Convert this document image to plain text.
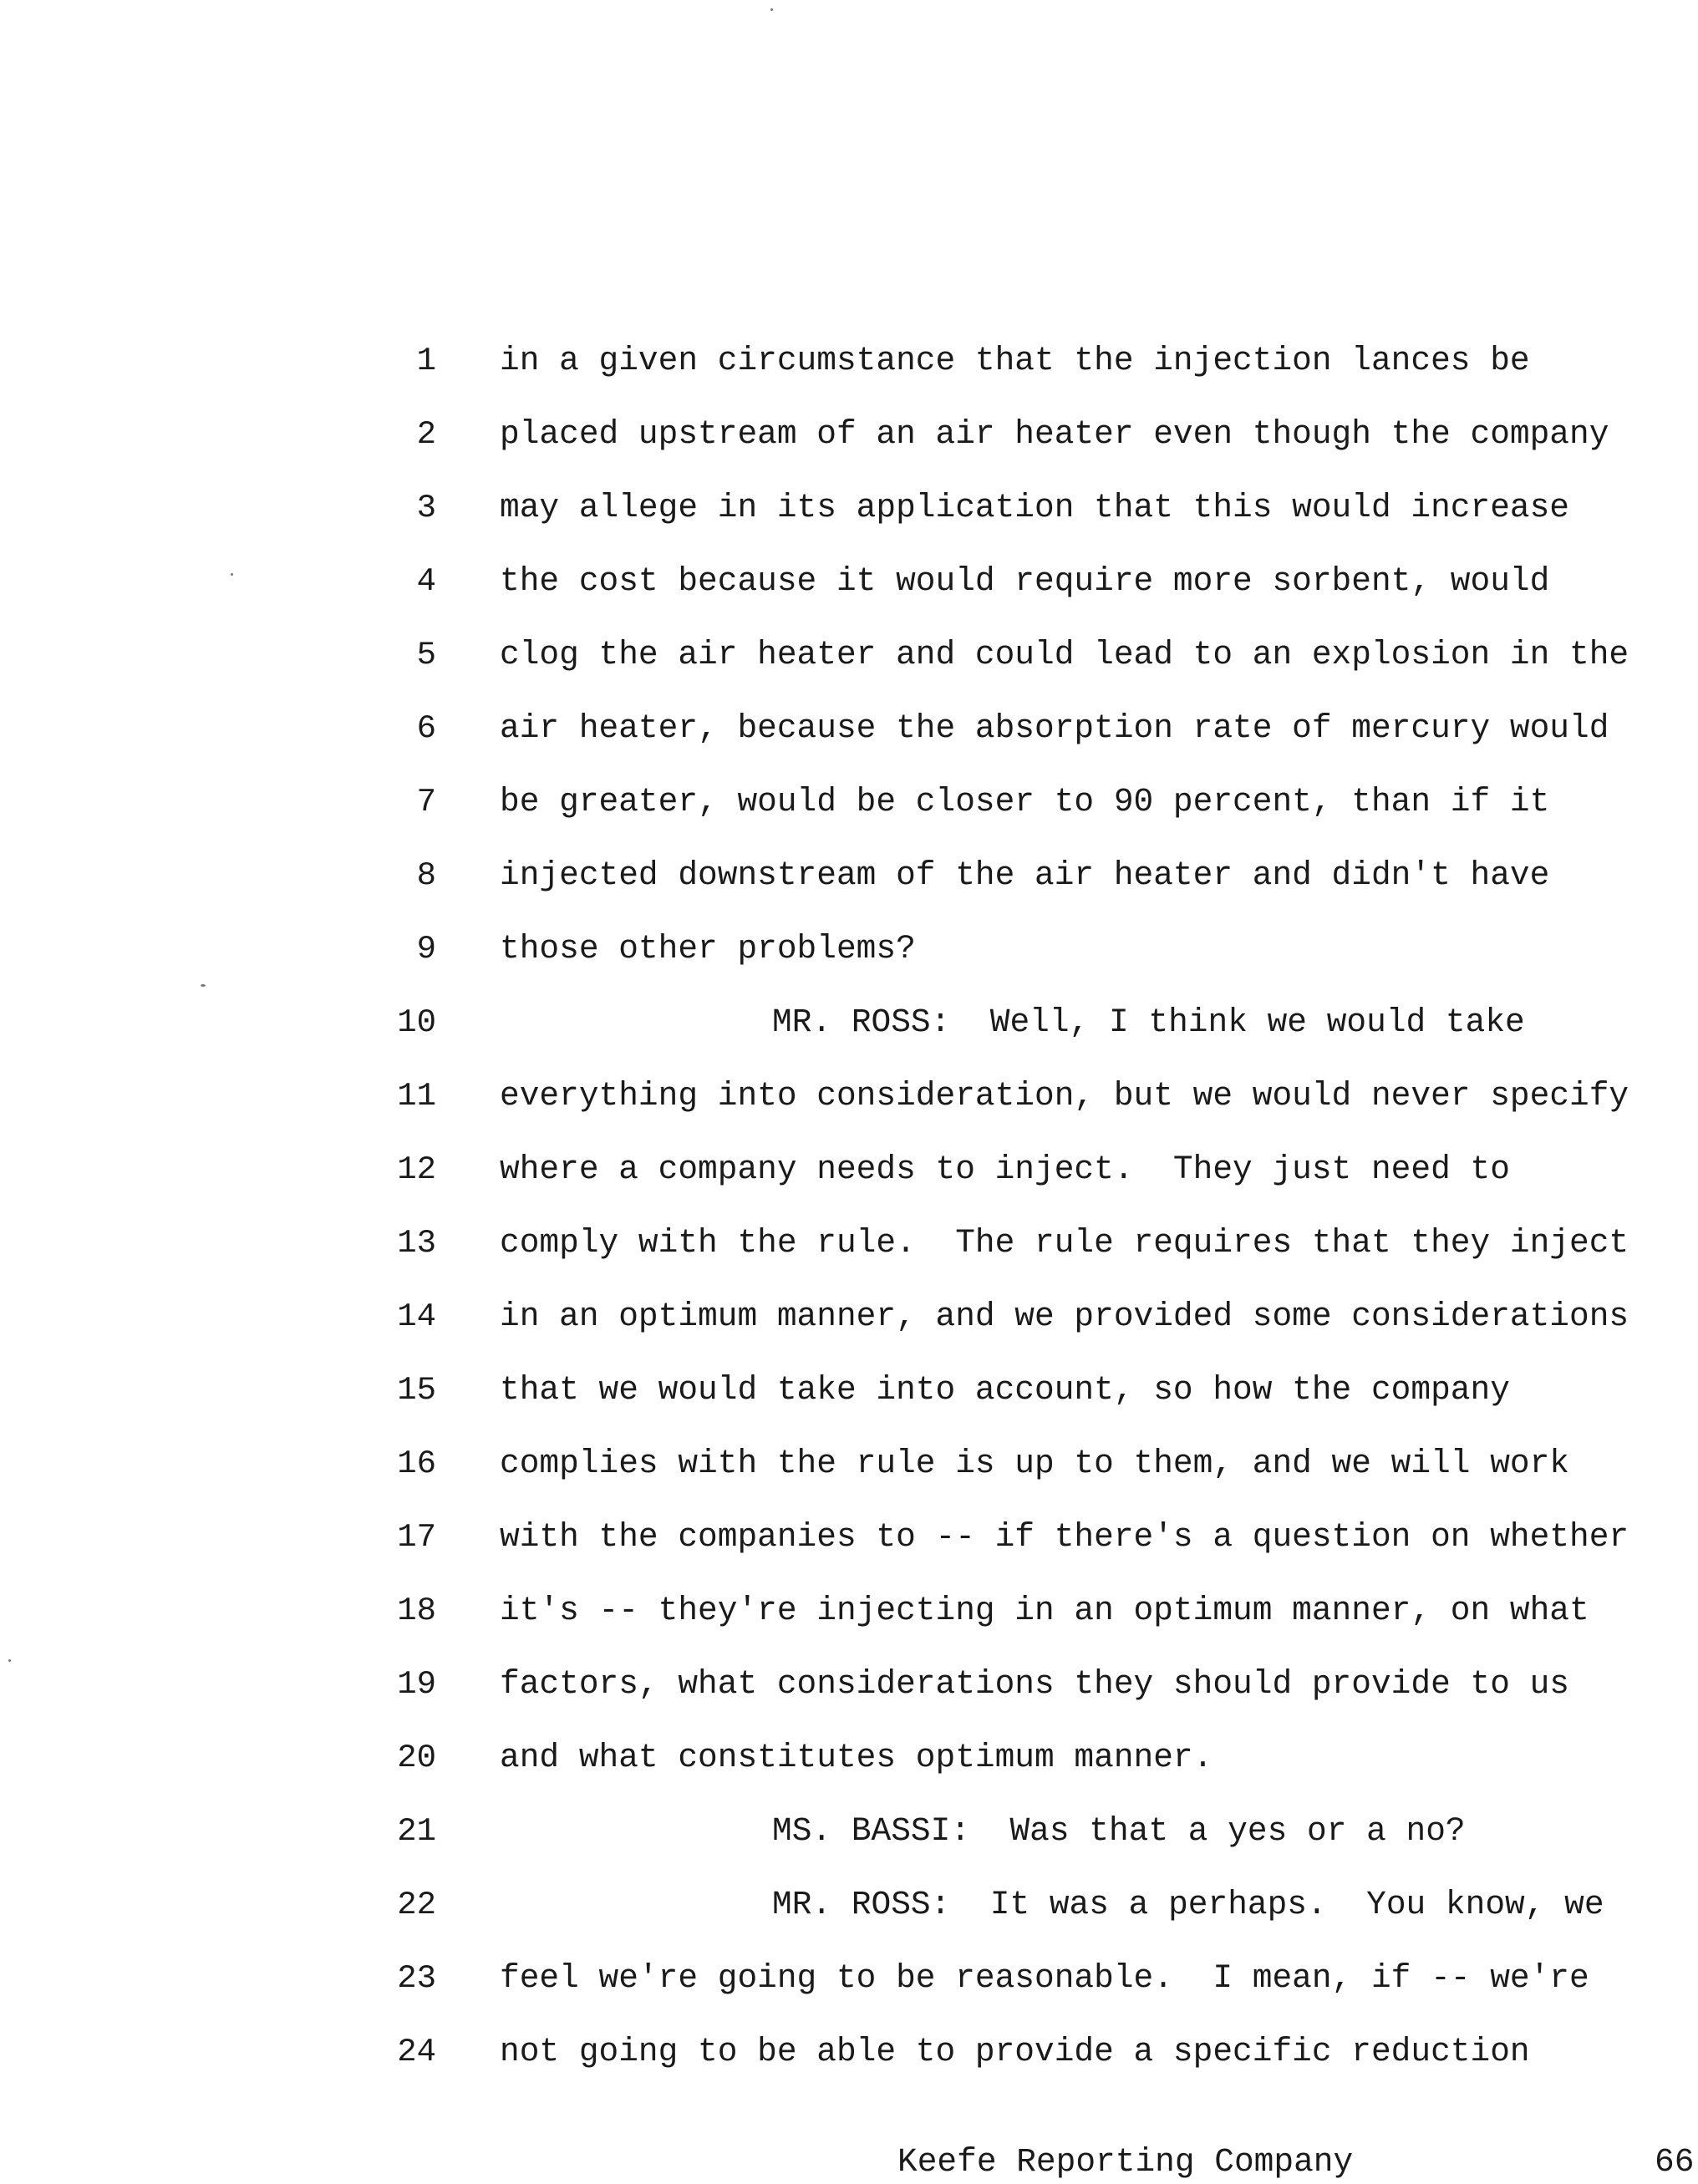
1 in a given circumstance that the injection lances be
2 placed upstream of an air heater even though the company
3 may allege in its application that this would increase
4 the cost because it would require more sorbent, would
5 clog the air heater and could lead to an explosion in the
6 air heater, because the absorption rate of mercury would
7 be greater, would be closer to 90 percent, than if it
8 injected downstream of the air heater and didn't have
9 those other problems?
10	MR. ROSS:  Well, I think we would take
11 everything into consideration, but we would never specify
12 where a company needs to inject.  They just need to
13 comply with the rule.  The rule requires that they inject
14 in an optimum manner, and we provided some considerations
15 that we would take into account, so how the company
16 complies with the rule is up to them, and we will work
17 with the companies to -- if there's a question on whether
18 it's -- they're injecting in an optimum manner, on what
19 factors, what considerations they should provide to us
20 and what constitutes optimum manner.
21	MS. BASSI:  Was that a yes or a no?
22	MR. ROSS:  It was a perhaps.  You know, we
23 feel we're going to be reasonable.  I mean, if -- we're
24 not going to be able to provide a specific reduction
Keefe Reporting Company	66
